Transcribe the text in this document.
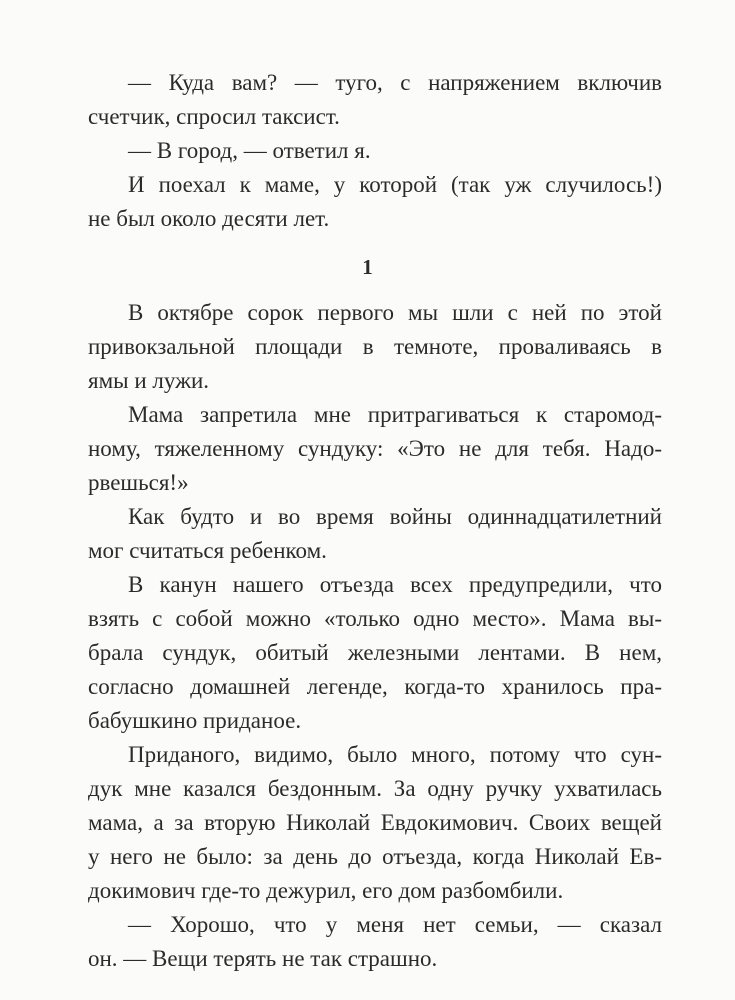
— Куда вам? — туго, с напряжением включив

счетчик, спросил таксист.

— В город, — ответил я.

И поехал к маме, у которой (так уж случилось!)

не был около десяти лет.

1

В октябре сорок первого мы шли с ней по этой

привокзальной площади в темноте, проваливаясь в

ямы и лужи.

Мама запретила мне притрагиваться к старомод-

ному, тяжеленному сундуку: «Это не для тебя. Надо-

рвешься!»

Как будто и во время войны одиннадцатилетний

мог считаться ребенком.

В канун нашего отъезда всех предупредили, что

взять с собой можно «только одно место». Мама вы-

брала сундук, обитый железными лентами. В нем,

согласно домашней легенде, когда-то хранилось пра-

бабушкино приданое.

Приданого, видимо, было много, потому что сун-

дук мне казался бездонным. За одну ручку ухватилась

мама, а за вторую Николай Евдокимович. Своих вещей

у него не было: за день до отъезда, когда Николай Ев-

докимович где-то дежурил, его дом разбомбили.

— Хорошо, что у меня нет семьи, — сказал

он. — Вещи терять не так страшно.
